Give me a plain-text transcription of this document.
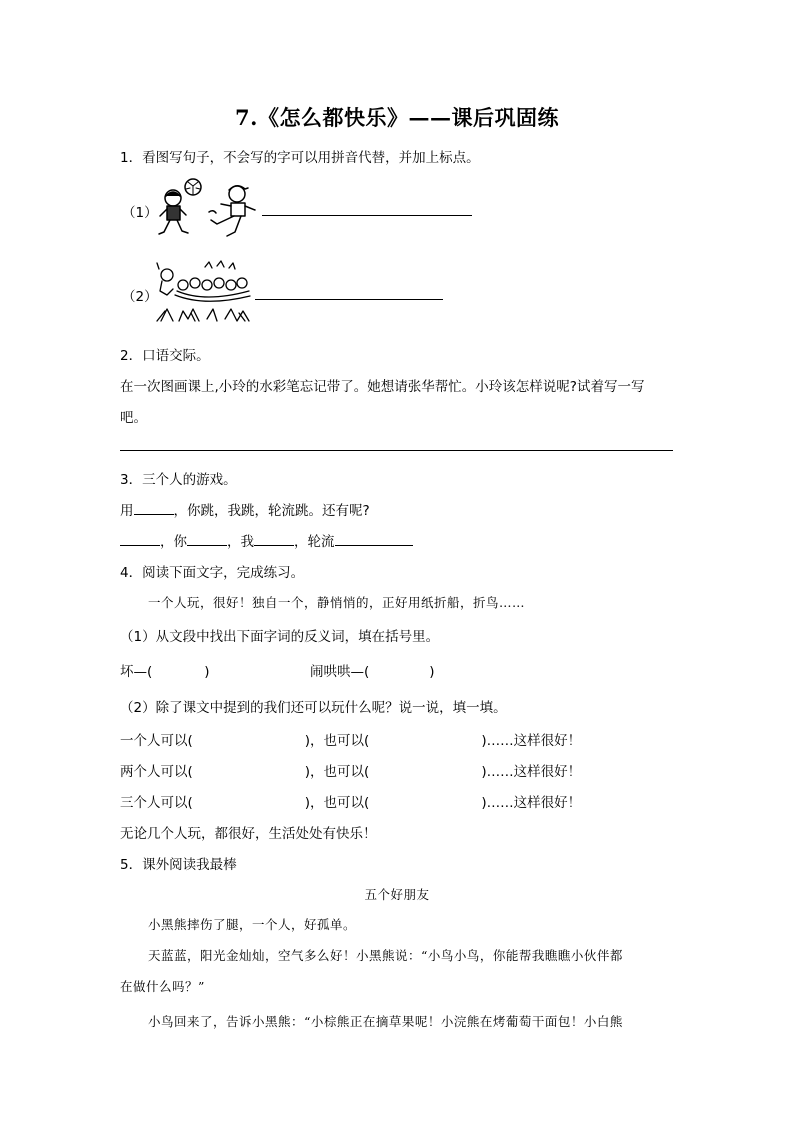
7.《怎么都快乐》——课后巩固练
1．看图写句子，不会写的字可以用拼音代替，并加上标点。
（1）
（2）
2．口语交际。
在一次图画课上,小玲的水彩笔忘记带了。她想请张华帮忙。小玲该怎样说呢?试着写一写
吧。
3．三个人的游戏。
用	，你跳，我跳，轮流跳。还有呢?
，你	，我	，轮流
4．阅读下面文字，完成练习。
一个人玩，很好！独自一个，静悄悄的，正好用纸折船，折鸟……
（1）从文段中找出下面字词的反义词，填在括号里。
坏—(	)	闹哄哄—(	)
（2）除了课文中提到的我们还可以玩什么呢？说一说，填一填。
一个人可以(	)，也可以(	)……这样很好！
两个人可以(	)，也可以(	)……这样很好！
三个人可以(	)，也可以(	)……这样很好！
无论几个人玩，都很好，生活处处有快乐！
5．课外阅读我最棒
五个好朋友
小黑熊摔伤了腿，一个人，好孤单。
天蓝蓝，阳光金灿灿，空气多么好！小黑熊说：“小鸟小鸟，你能帮我瞧瞧小伙伴都
在做什么吗？”
小鸟回来了，告诉小黑熊：“小棕熊正在摘草果呢！小浣熊在烤葡萄干面包！小白熊
